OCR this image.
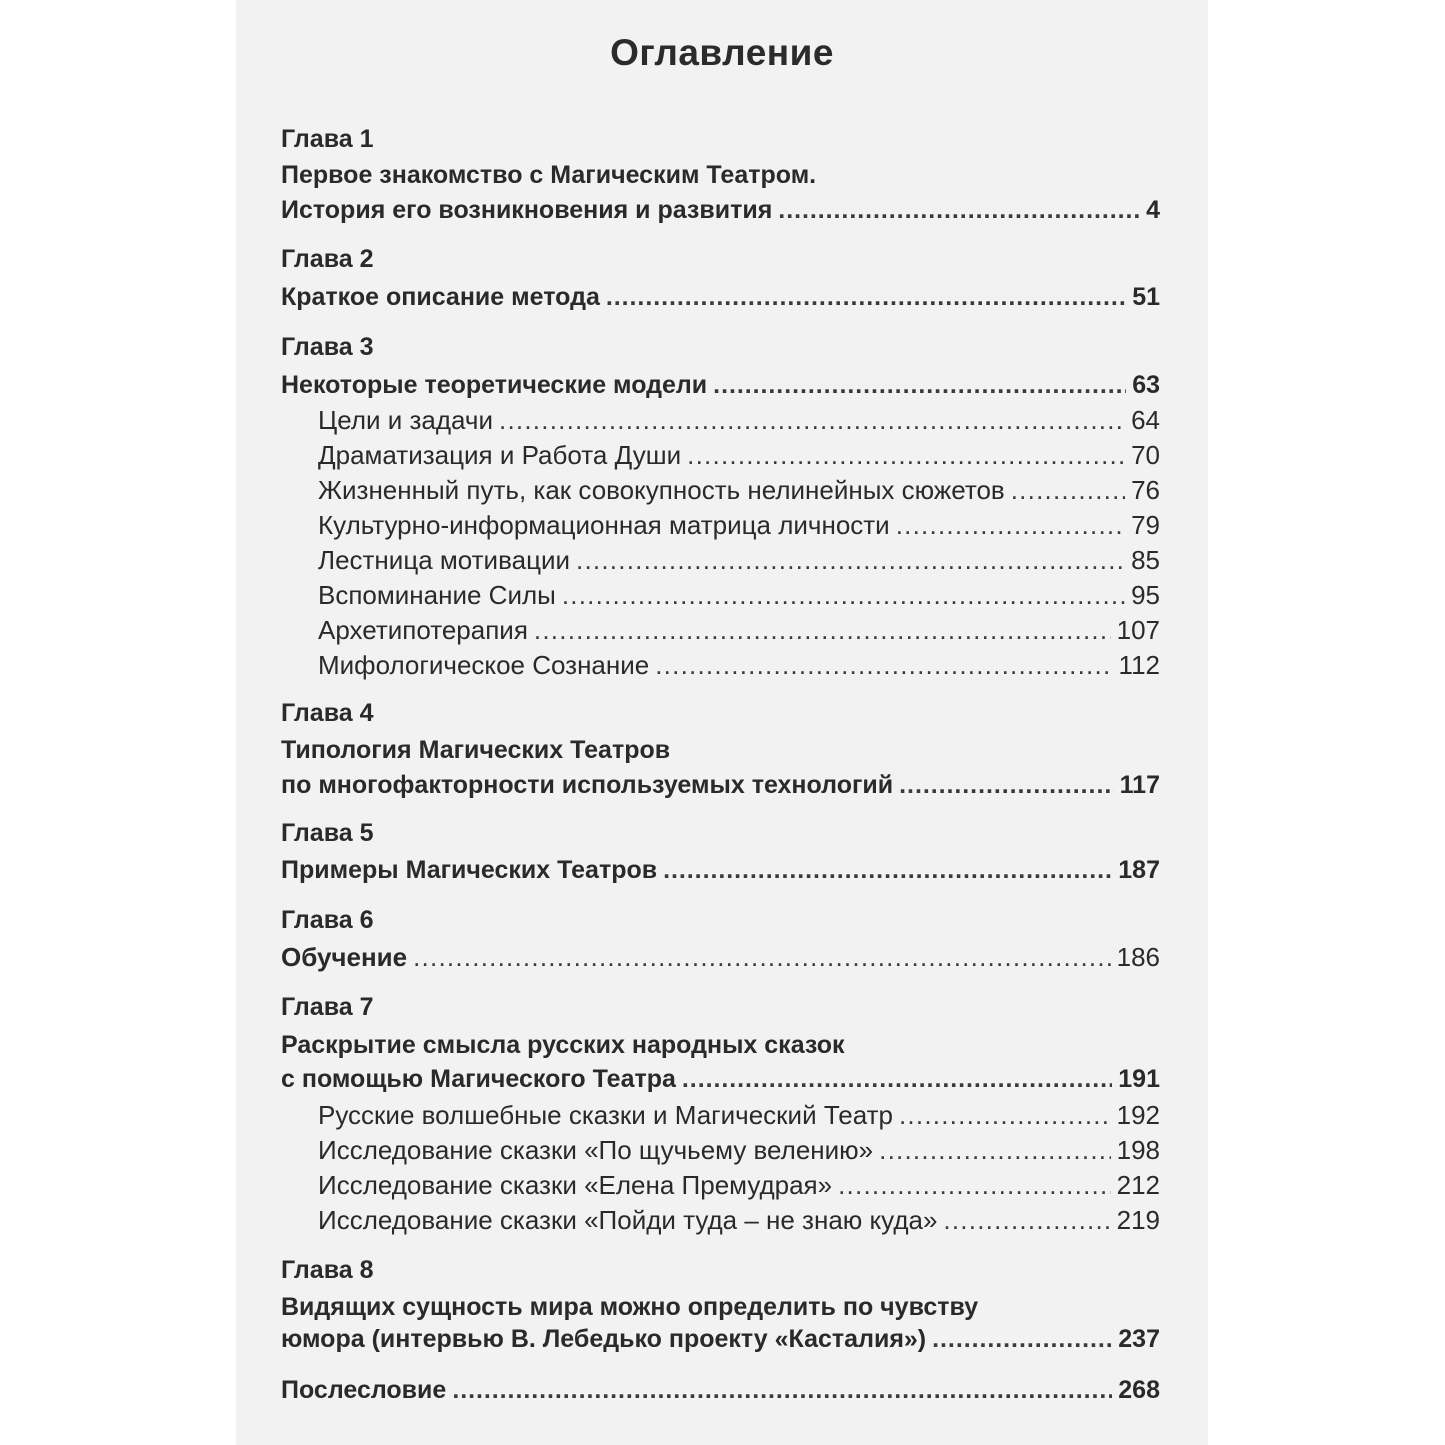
Оглавление
Глава 1
Первое знакомство с Магическим Театром.
История его возникновения и развития . . .	4
Глава 2
Краткое описание метода . . .	51
Глава 3
Некоторые теоретические модели . . .	63
Цели и задачи . . .	64
Драматизация и Работа Души . . .	70
Жизненный путь, как совокупность нелинейных сюжетов . . .	76
Культурно-информационная матрица личности . . .	79
Лестница мотивации . . .	85
Вспоминание Силы . . .	95
Архетипотерапия . . .	107
Мифологическое Сознание . . .	112
Глава 4
Типология Магических Театров
по многофакторности используемых технологий . . .	117
Глава 5
Примеры Магических Театров . . .	187
Глава 6
Обучение . . .	186
Глава 7
Раскрытие смысла русских народных сказок
с помощью Магического Театра . . .	191
Русские волшебные сказки и Магический Театр . . .	192
Исследование сказки «По щучьему велению» . . .	198
Исследование сказки «Елена Премудрая» . . .	212
Исследование сказки «Пойди туда – не знаю куда» . . .	219
Глава 8
Видящих сущность мира можно определить по чувству
юмора (интервью В. Лебедько проекту «Касталия») . . .	237
Послесловие . . .	268
